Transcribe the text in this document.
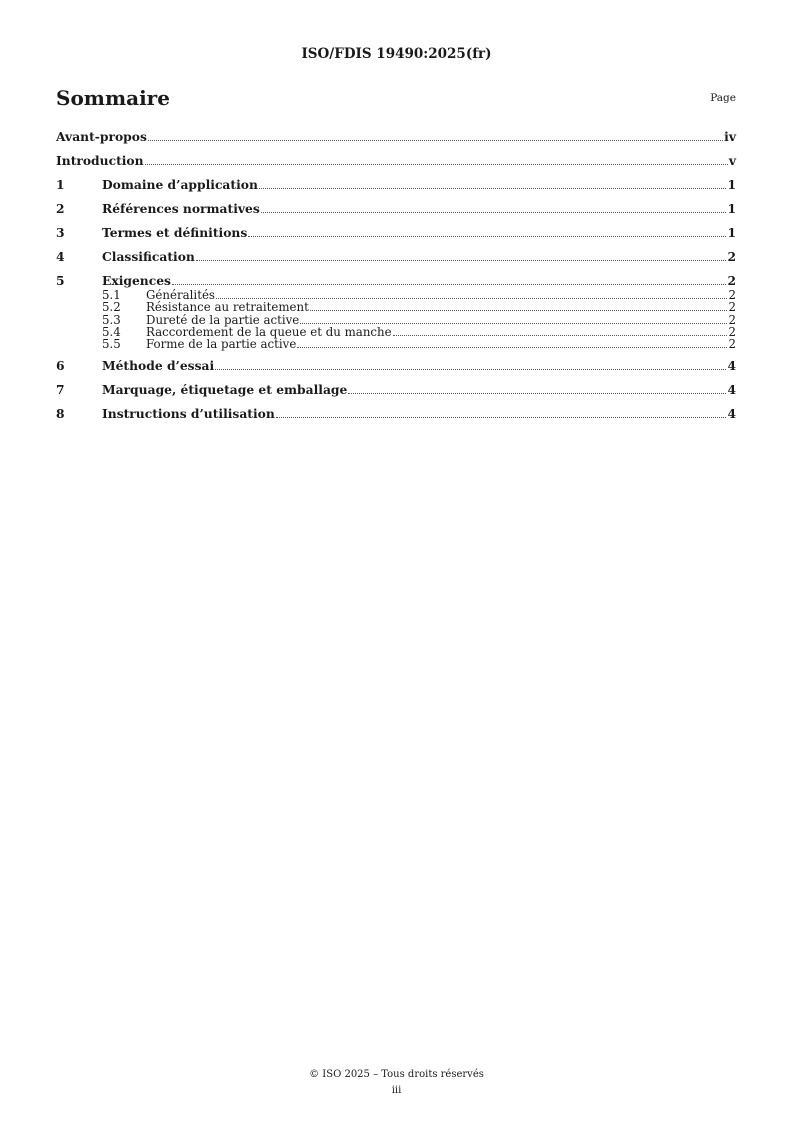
ISO/FDIS 19490:2025(fr)
Sommaire	Page
Avant-propos	iv
Introduction	v
1	Domaine d’application	1
2	Références normatives	1
3	Termes et définitions	1
4	Classification	2
5	Exigences	2
5.1	Généralités	2
5.2	Résistance au retraitement	2
5.3	Dureté de la partie active	2
5.4	Raccordement de la queue et du manche	2
5.5	Forme de la partie active	2
6	Méthode d’essai	4
7	Marquage, étiquetage et emballage	4
8	Instructions d’utilisation	4
© ISO 2025 – Tous droits réservés
iii
